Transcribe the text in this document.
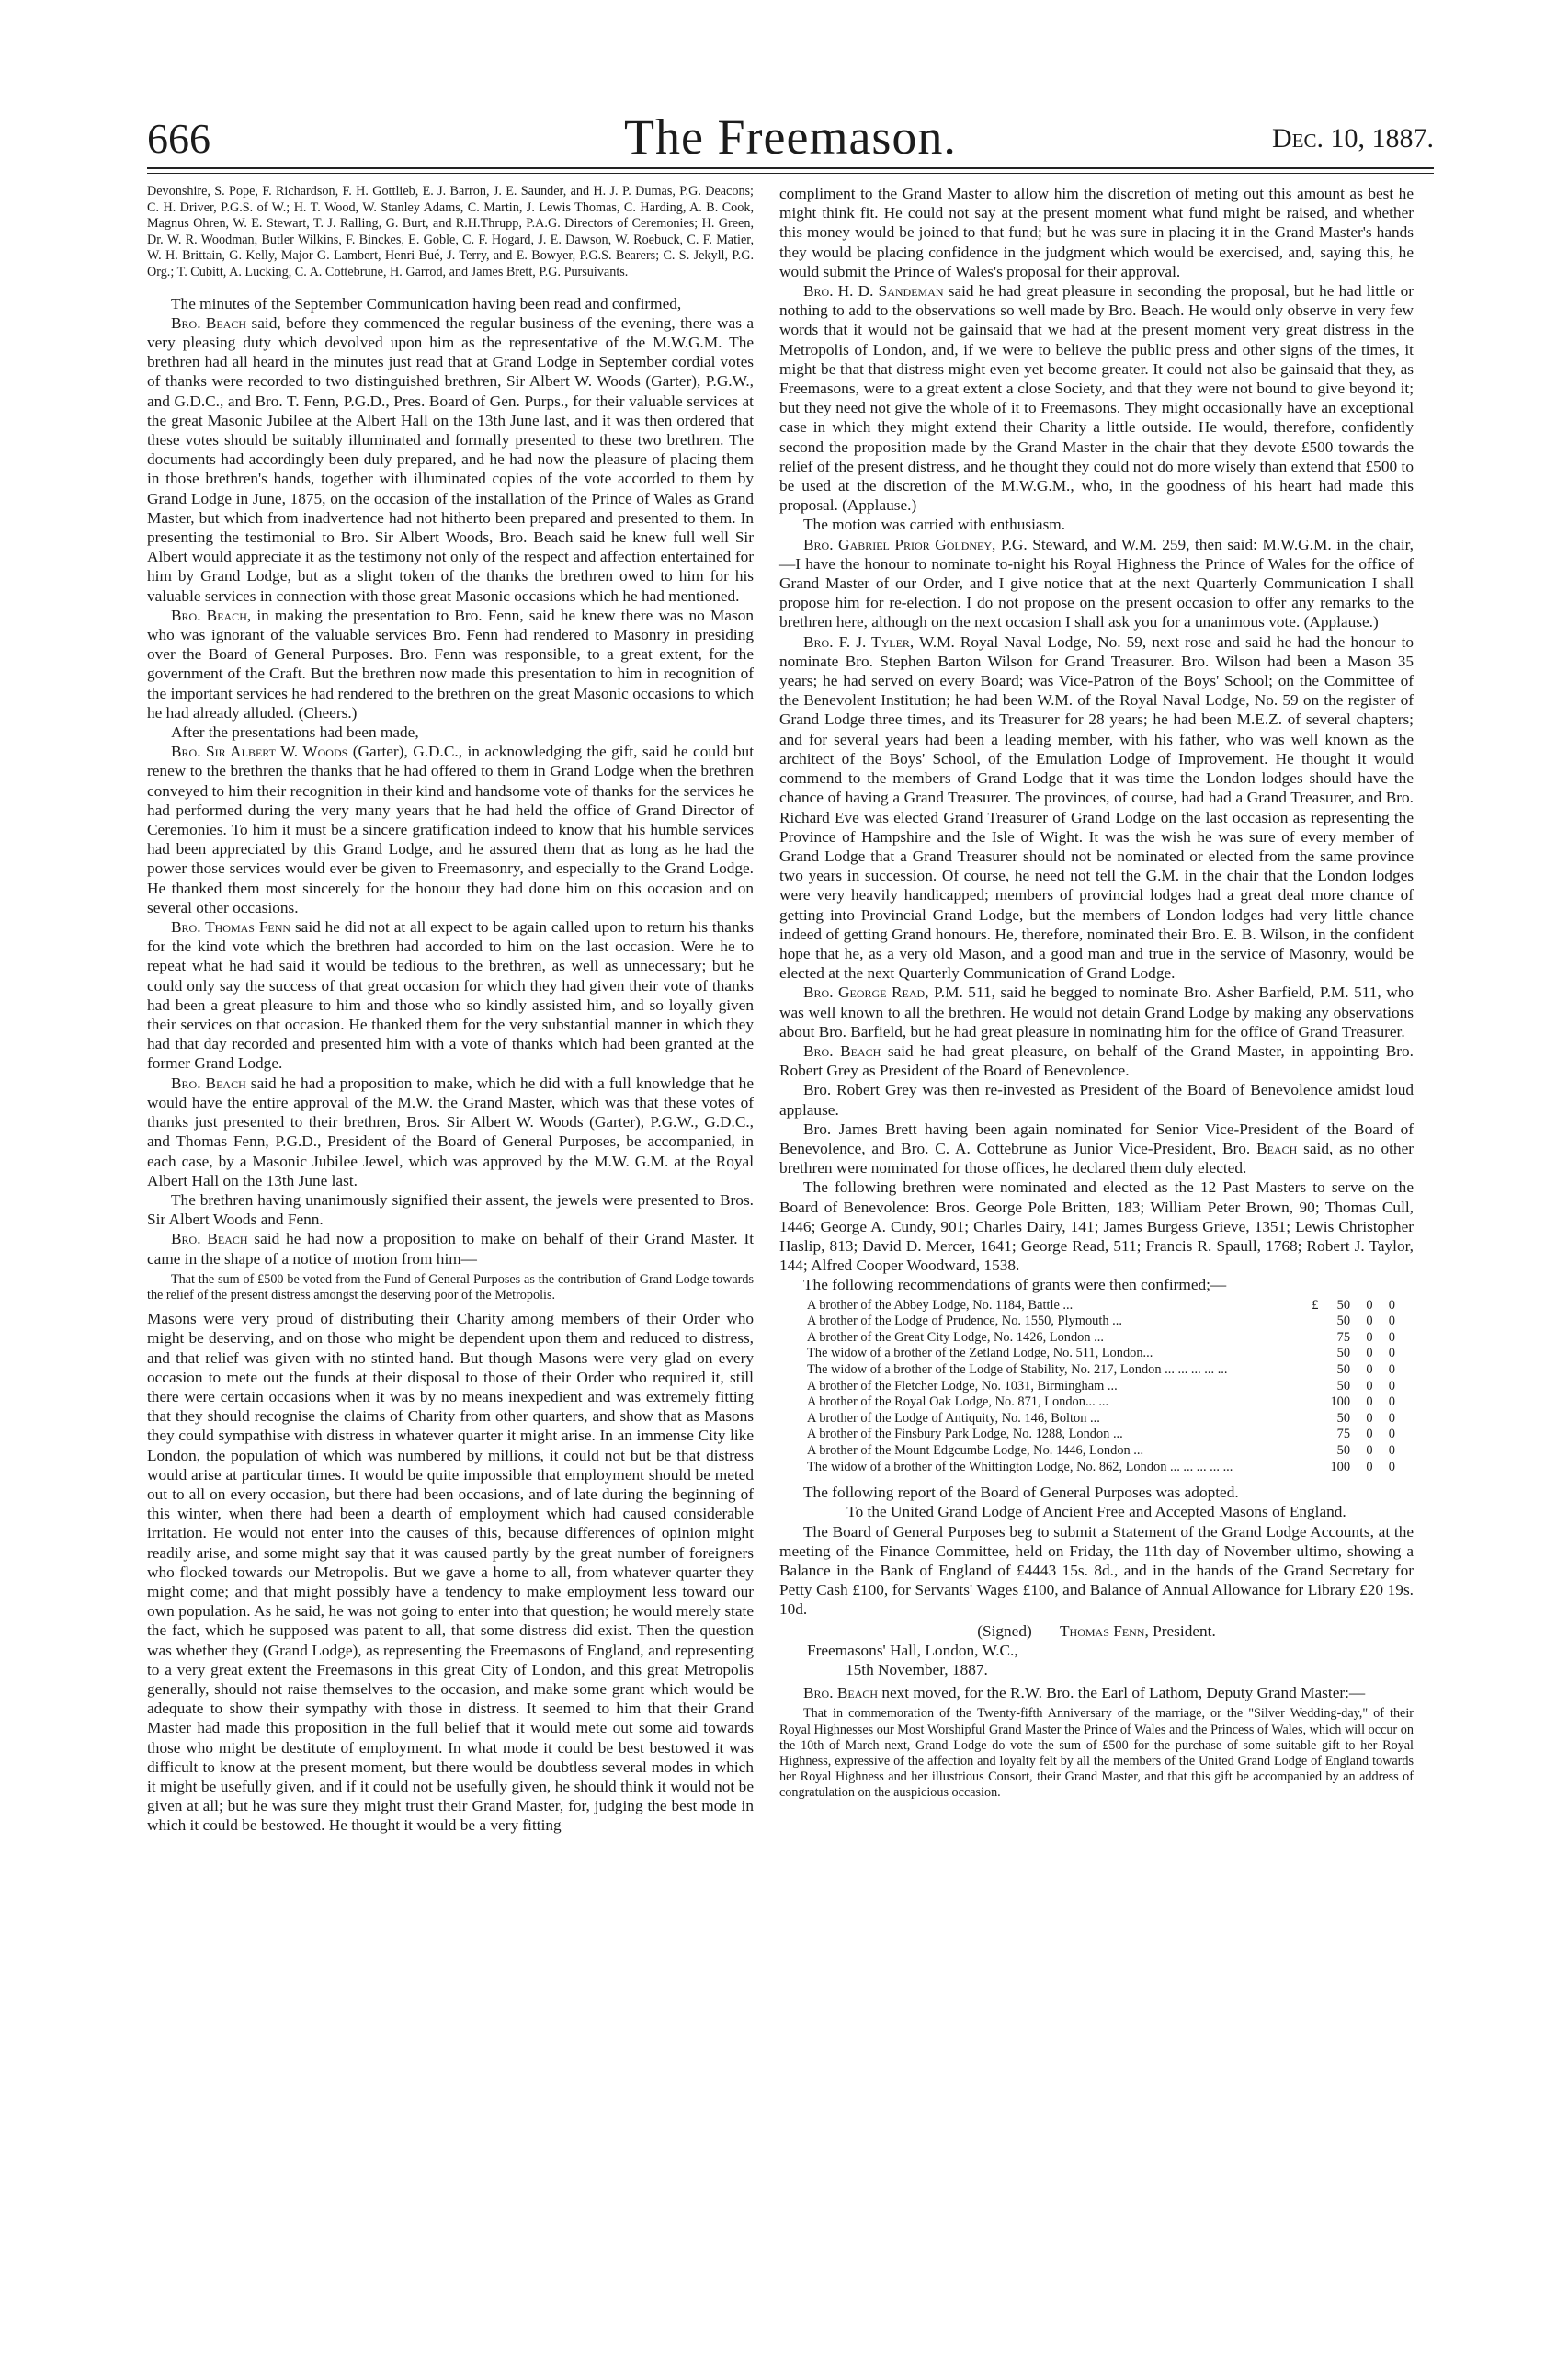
666	The Freemason.	Dec. 10, 1887.

Devonshire, S. Pope, F. Richardson, F. H. Gottlieb, E. J. Barron, J. E. Saunder, and H. J. P. Dumas, P.G. Deacons; C. H. Driver, P.G.S. of W.; H. T. Wood, W. Stanley Adams, C. Martin, J. Lewis Thomas, C. Harding, A. B. Cook, Magnus Ohren, W. E. Stewart, T. J. Ralling, G. Burt, and R.H.Thrupp, P.A.G. Directors of Ceremonies; H. Green, Dr. W. R. Woodman, Butler Wilkins, F. Binckes, E. Goble, C. F. Hogard, J. E. Dawson, W. Roebuck, C. F. Matier, W. H. Brittain, G. Kelly, Major G. Lambert, Henri Bué, J. Terry, and E. Bowyer, P.G.S. Bearers; C. S. Jekyll, P.G. Org.; T. Cubitt, A. Lucking, C. A. Cottebrune, H. Garrod, and James Brett, P.G. Pursuivants.

The minutes of the September Communication having been read and confirmed,

Bro. Beach said, before they commenced the regular business of the evening, there was a very pleasing duty which devolved upon him as the representative of the M.W.G.M. The brethren had all heard in the minutes just read that at Grand Lodge in September cordial votes of thanks were recorded to two distinguished brethren, Sir Albert W. Woods (Garter), P.G.W., and G.D.C., and Bro. T. Fenn, P.G.D., Pres. Board of Gen. Purps., for their valuable services at the great Masonic Jubilee at the Albert Hall on the 13th June last, and it was then ordered that these votes should be suitably illuminated and formally presented to these two brethren. The documents had accordingly been duly prepared, and he had now the pleasure of placing them in those brethren's hands, together with illuminated copies of the vote accorded to them by Grand Lodge in June, 1875, on the occasion of the installation of the Prince of Wales as Grand Master, but which from inadvertence had not hitherto been prepared and presented to them. In presenting the testimonial to Bro. Sir Albert Woods, Bro. Beach said he knew full well Sir Albert would appreciate it as the testimony not only of the respect and affection entertained for him by Grand Lodge, but as a slight token of the thanks the brethren owed to him for his valuable services in connection with those great Masonic occasions which he had mentioned.

Bro. Beach, in making the presentation to Bro. Fenn, said he knew there was no Mason who was ignorant of the valuable services Bro. Fenn had rendered to Masonry in presiding over the Board of General Purposes. Bro. Fenn was responsible, to a great extent, for the government of the Craft. But the brethren now made this presentation to him in recognition of the important services he had rendered to the brethren on the great Masonic occasions to which he had already alluded. (Cheers.)

After the presentations had been made,

Bro. Sir Albert W. Woods (Garter), G.D.C., in acknowledging the gift, said he could but renew to the brethren the thanks that he had offered to them in Grand Lodge when the brethren conveyed to him their recognition in their kind and handsome vote of thanks for the services he had performed during the very many years that he had held the office of Grand Director of Ceremonies. To him it must be a sincere gratification indeed to know that his humble services had been appreciated by this Grand Lodge, and he assured them that as long as he had the power those services would ever be given to Freemasonry, and especially to the Grand Lodge. He thanked them most sincerely for the honour they had done him on this occasion and on several other occasions.

Bro. Thomas Fenn said he did not at all expect to be again called upon to return his thanks for the kind vote which the brethren had accorded to him on the last occasion. Were he to repeat what he had said it would be tedious to the brethren, as well as unnecessary; but he could only say the success of that great occasion for which they had given their vote of thanks had been a great pleasure to him and those who so kindly assisted him, and so loyally given their services on that occasion. He thanked them for the very substantial manner in which they had that day recorded and presented him with a vote of thanks which had been granted at the former Grand Lodge.

Bro. Beach said he had a proposition to make, which he did with a full knowledge that he would have the entire approval of the M.W. the Grand Master, which was that these votes of thanks just presented to their brethren, Bros. Sir Albert W. Woods (Garter), P.G.W., G.D.C., and Thomas Fenn, P.G.D., President of the Board of General Purposes, be accompanied, in each case, by a Masonic Jubilee Jewel, which was approved by the M.W. G.M. at the Royal Albert Hall on the 13th June last.

The brethren having unanimously signified their assent, the jewels were presented to Bros. Sir Albert Woods and Fenn.

Bro. Beach said he had now a proposition to make on behalf of their Grand Master. It came in the shape of a notice of motion from him—

That the sum of £500 be voted from the Fund of General Purposes as the contribution of Grand Lodge towards the relief of the present distress amongst the deserving poor of the Metropolis.

Masons were very proud of distributing their Charity among members of their Order who might be deserving, and on those who might be dependent upon them and reduced to distress, and that relief was given with no stinted hand. But though Masons were very glad on every occasion to mete out the funds at their disposal to those of their Order who required it, still there were certain occasions when it was by no means inexpedient and was extremely fitting that they should recognise the claims of Charity from other quarters, and show that as Masons they could sympathise with distress in whatever quarter it might arise. In an immense City like London, the population of which was numbered by millions, it could not but be that distress would arise at particular times. It would be quite impossible that employment should be meted out to all on every occasion, but there had been occasions, and of late during the beginning of this winter, when there had been a dearth of employment which had caused considerable irritation. He would not enter into the causes of this, because differences of opinion might readily arise, and some might say that it was caused partly by the great number of foreigners who flocked towards our Metropolis. But we gave a home to all, from whatever quarter they might come; and that might possibly have a tendency to make employment less toward our own population. As he said, he was not going to enter into that question; he would merely state the fact, which he supposed was patent to all, that some distress did exist. Then the question was whether they (Grand Lodge), as representing the Freemasons of England, and representing to a very great extent the Freemasons in this great City of London, and this great Metropolis generally, should not raise themselves to the occasion, and make some grant which would be adequate to show their sympathy with those in distress. It seemed to him that their Grand Master had made this proposition in the full belief that it would mete out some aid towards those who might be destitute of employment. In what mode it could be best bestowed it was difficult to know at the present moment, but there would be doubtless several modes in which it might be usefully given, and if it could not be usefully given, he should think it would not be given at all; but he was sure they might trust their Grand Master, for, judging the best mode in which it could be bestowed. He thought it would be a very fitting

compliment to the Grand Master to allow him the discretion of meting out this amount as best he might think fit. He could not say at the present moment what fund might be raised, and whether this money would be joined to that fund; but he was sure in placing it in the Grand Master's hands they would be placing confidence in the judgment which would be exercised, and, saying this, he would submit the Prince of Wales's proposal for their approval.

Bro. H. D. Sandeman said he had great pleasure in seconding the proposal, but he had little or nothing to add to the observations so well made by Bro. Beach. He would only observe in very few words that it would not be gainsaid that we had at the present moment very great distress in the Metropolis of London, and, if we were to believe the public press and other signs of the times, it might be that that distress might even yet become greater. It could not also be gainsaid that they, as Freemasons, were to a great extent a close Society, and that they were not bound to give beyond it; but they need not give the whole of it to Freemasons. They might occasionally have an exceptional case in which they might extend their Charity a little outside. He would, therefore, confidently second the proposition made by the Grand Master in the chair that they devote £500 towards the relief of the present distress, and he thought they could not do more wisely than extend that £500 to be used at the discretion of the M.W.G.M., who, in the goodness of his heart had made this proposal. (Applause.)

The motion was carried with enthusiasm.

Bro. Gabriel Prior Goldney, P.G. Steward, and W.M. 259, then said: M.W.G.M. in the chair,—I have the honour to nominate to-night his Royal Highness the Prince of Wales for the office of Grand Master of our Order, and I give notice that at the next Quarterly Communication I shall propose him for re-election. I do not propose on the present occasion to offer any remarks to the brethren here, although on the next occasion I shall ask you for a unanimous vote. (Applause.)

Bro. F. J. Tyler, W.M. Royal Naval Lodge, No. 59, next rose and said he had the honour to nominate Bro. Stephen Barton Wilson for Grand Treasurer. Bro. Wilson had been a Mason 35 years; he had served on every Board; was Vice-Patron of the Boys' School; on the Committee of the Benevolent Institution; he had been W.M. of the Royal Naval Lodge, No. 59 on the register of Grand Lodge three times, and its Treasurer for 28 years; he had been M.E.Z. of several chapters; and for several years had been a leading member, with his father, who was well known as the architect of the Boys' School, of the Emulation Lodge of Improvement. He thought it would commend to the members of Grand Lodge that it was time the London lodges should have the chance of having a Grand Treasurer. The provinces, of course, had had a Grand Treasurer, and Bro. Richard Eve was elected Grand Treasurer of Grand Lodge on the last occasion as representing the Province of Hampshire and the Isle of Wight. It was the wish he was sure of every member of Grand Lodge that a Grand Treasurer should not be nominated or elected from the same province two years in succession. Of course, he need not tell the G.M. in the chair that the London lodges were very heavily handicapped; members of provincial lodges had a great deal more chance of getting into Provincial Grand Lodge, but the members of London lodges had very little chance indeed of getting Grand honours. He, therefore, nominated their Bro. E. B. Wilson, in the confident hope that he, as a very old Mason, and a good man and true in the service of Masonry, would be elected at the next Quarterly Communication of Grand Lodge.

Bro. George Read, P.M. 511, said he begged to nominate Bro. Asher Barfield, P.M. 511, who was well known to all the brethren. He would not detain Grand Lodge by making any observations about Bro. Barfield, but he had great pleasure in nominating him for the office of Grand Treasurer.

Bro. Beach said he had great pleasure, on behalf of the Grand Master, in appointing Bro. Robert Grey as President of the Board of Benevolence.

Bro. Robert Grey was then re-invested as President of the Board of Benevolence amidst loud applause.

Bro. James Brett having been again nominated for Senior Vice-President of the Board of Benevolence, and Bro. C. A. Cottebrune as Junior Vice-President, Bro. Beach said, as no other brethren were nominated for those offices, he declared them duly elected.

The following brethren were nominated and elected as the 12 Past Masters to serve on the Board of Benevolence: Bros. George Pole Britten, 183; William Peter Brown, 90; Thomas Cull, 1446; George A. Cundy, 901; Charles Dairy, 141; James Burgess Grieve, 1351; Lewis Christopher Haslip, 813; David D. Mercer, 1641; George Read, 511; Francis R. Spaull, 1768; Robert J. Taylor, 144; Alfred Cooper Woodward, 1538.

The following recommendations of grants were then confirmed;—

A brother of the Abbey Lodge, No. 1184, Battle ...	£	50	0	0
A brother of the Lodge of Prudence, No. 1550, Plymouth ...		50	0	0
A brother of the Great City Lodge, No. 1426, London ...		75	0	0
The widow of a brother of the Zetland Lodge, No. 511, London...		50	0	0
The widow of a brother of the Lodge of Stability, No. 217, London ... ... ... ... ...		50	0	0
A brother of the Fletcher Lodge, No. 1031, Birmingham ...		50	0	0
A brother of the Royal Oak Lodge, No. 871, London... ...		100	0	0
A brother of the Lodge of Antiquity, No. 146, Bolton ...		50	0	0
A brother of the Finsbury Park Lodge, No. 1288, London ...		75	0	0
A brother of the Mount Edgcumbe Lodge, No. 1446, London ...		50	0	0
The widow of a brother of the Whittington Lodge, No. 862, London ... ... ... ... ...		100	0	0

The following report of the Board of General Purposes was adopted.

To the United Grand Lodge of Ancient Free and Accepted Masons of England.

The Board of General Purposes beg to submit a Statement of the Grand Lodge Accounts, at the meeting of the Finance Committee, held on Friday, the 11th day of November ultimo, showing a Balance in the Bank of England of £4443 15s. 8d., and in the hands of the Grand Secretary for Petty Cash £100, for Servants' Wages £100, and Balance of Annual Allowance for Library £20 19s. 10d.

(Signed) Thomas Fenn, President.

Freemasons' Hall, London, W.C.,

15th November, 1887.

Bro. Beach next moved, for the R.W. Bro. the Earl of Lathom, Deputy Grand Master:—

That in commemoration of the Twenty-fifth Anniversary of the marriage, or the "Silver Wedding-day," of their Royal Highnesses our Most Worshipful Grand Master the Prince of Wales and the Princess of Wales, which will occur on the 10th of March next, Grand Lodge do vote the sum of £500 for the purchase of some suitable gift to her Royal Highness, expressive of the affection and loyalty felt by all the members of the United Grand Lodge of England towards her Royal Highness and her illustrious Consort, their Grand Master, and that this gift be accompanied by an address of congratulation on the auspicious occasion.
